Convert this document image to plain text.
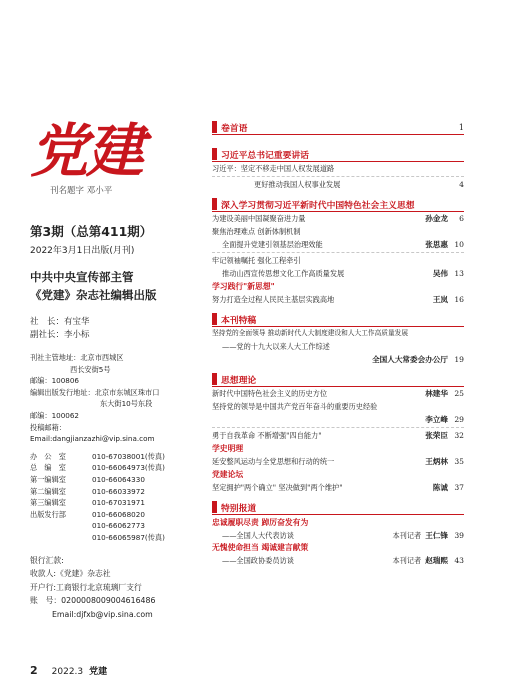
党建
刊名题字 邓小平
第3期（总第411期）
2022年3月1日出版(月刊)
中共中央宣传部主管
《党建》杂志社编辑出版
社　长：有宝华
副社长：李小标
刊社主管地址：北京市西城区
西长安街5号
邮编：100806
编辑出版发行地址：北京市东城区珠市口
东大街10号东段
邮编：100062
投稿邮箱：
Email:dangjianzazhi@vip.sina.com
办　公　室	010-67038001(传真)
总　编　室	010-66064973(传真)
第一编辑室	010-66064330
第二编辑室	010-66033972
第三编辑室	010-67031971
出版发行部	010-66068020
010-66062773
010-66065987(传真)
银行汇款:
收款人:《党建》杂志社
开户行:工商银行北京琉璃厂支行
账　号：0200008009004616486
Email:djfxb@vip.sina.com
卷首语	1
习近平总书记重要讲话
习近平：坚定不移走中国人权发展道路
更好推动我国人权事业发展	4
深入学习贯彻习近平新时代中国特色社会主义思想
为建设美丽中国凝聚奋进力量	孙金龙	6
聚焦治理难点 创新体制机制
全面提升党建引领基层治理效能	张思惠 10
牢记领袖嘱托 强化工程牵引
推动山西宣传思想文化工作高质量发展	吴伟 13
学习践行"新思想"
努力打造全过程人民民主基层实践高地	王岚 16
本刊特稿
坚持党的全面领导 推动新时代人大制度建设和人大工作高质量发展
——党的十九大以来人大工作综述
全国人大常委会办公厅 19
思想理论
新时代中国特色社会主义的历史方位	林建华 25
坚持党的领导是中国共产党百年奋斗的重要历史经验
李立峰 29
勇于自我革命 不断增强"四自能力"	张荣臣 32
学史明理
延安整风运动与全党思想和行动的统一	王炳林 35
党建论坛
坚定拥护"两个确立" 坚决做到"两个维护"	陈诚 37
特别报道
忠诚履职尽责 踔厉奋发有为
——全国人大代表访谈	本刊记者 王仁锋 39
无愧使命担当 竭诚建言献策
——全国政协委员访谈	本刊记者 赵瑞熙 43
2 2022.3 党建
